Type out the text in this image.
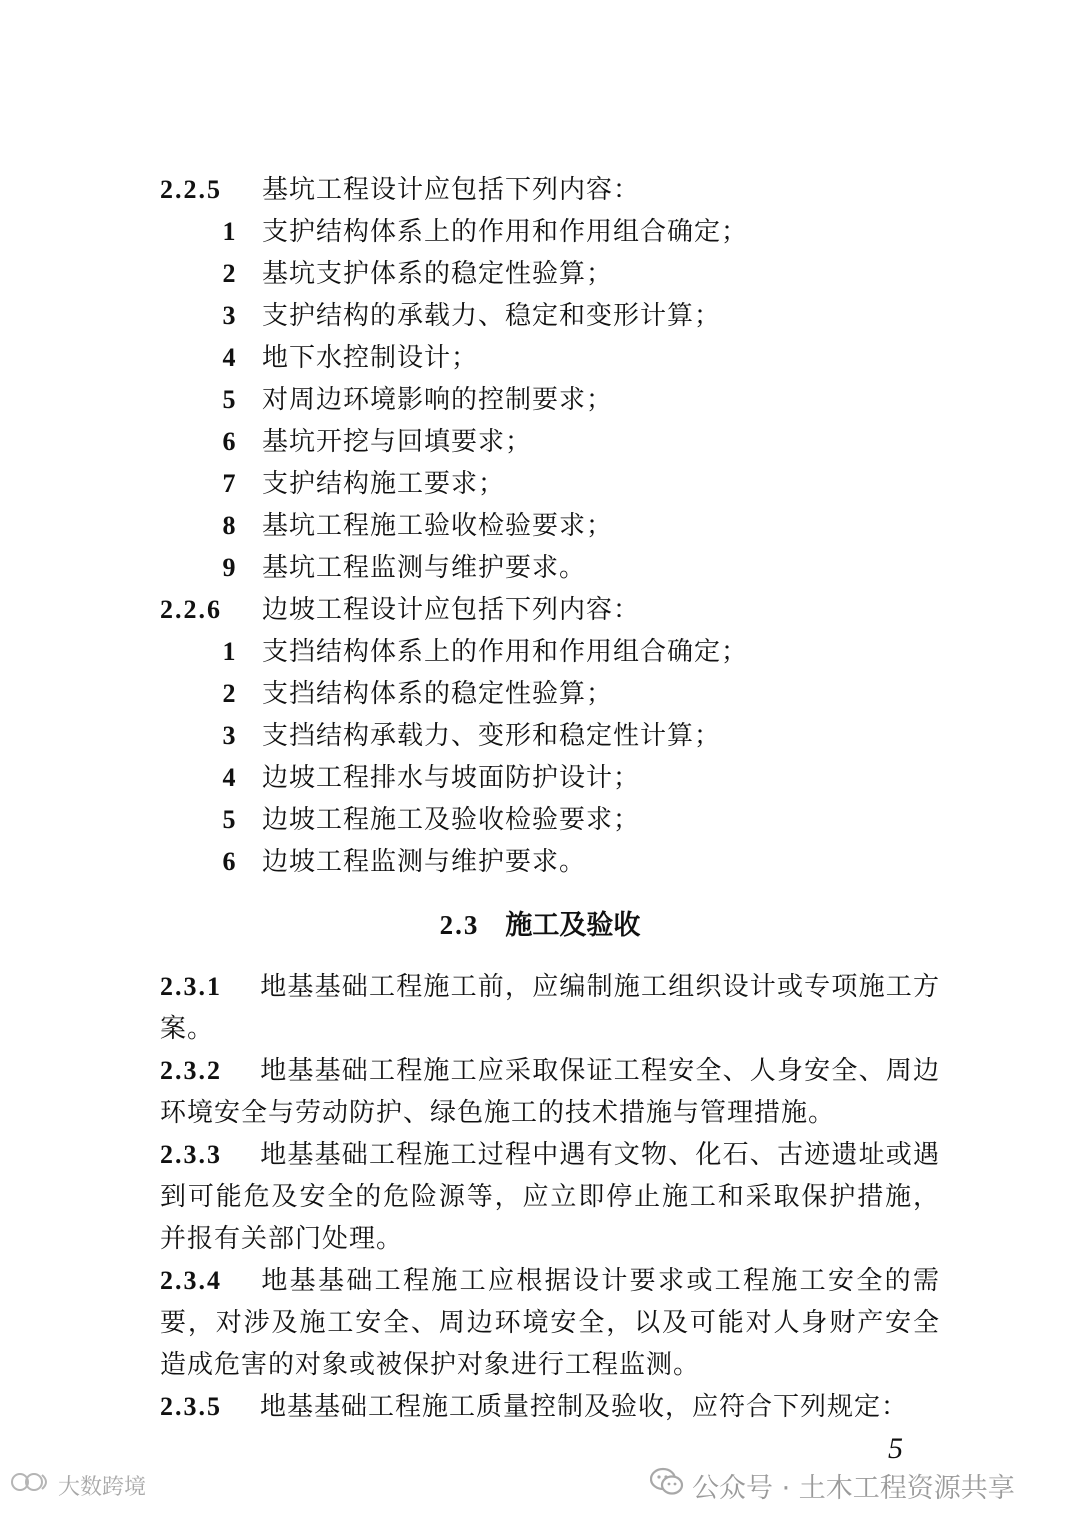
2.2.5 基坑工程设计应包括下列内容：
1 支护结构体系上的作用和作用组合确定；
2 基坑支护体系的稳定性验算；
3 支护结构的承载力、稳定和变形计算；
4 地下水控制设计；
5 对周边环境影响的控制要求；
6 基坑开挖与回填要求；
7 支护结构施工要求；
8 基坑工程施工验收检验要求；
9 基坑工程监测与维护要求。
2.2.6 边坡工程设计应包括下列内容：
1 支挡结构体系上的作用和作用组合确定；
2 支挡结构体系的稳定性验算；
3 支挡结构承载力、变形和稳定性计算；
4 边坡工程排水与坡面防护设计；
5 边坡工程施工及验收检验要求；
6 边坡工程监测与维护要求。
2.3 施工及验收
2.3.1 地基基础工程施工前，应编制施工组织设计或专项施工方案。
2.3.2 地基基础工程施工应采取保证工程安全、人身安全、周边环境安全与劳动防护、绿色施工的技术措施与管理措施。
2.3.3 地基基础工程施工过程中遇有文物、化石、古迹遗址或遇到可能危及安全的危险源等，应立即停止施工和采取保护措施，并报有关部门处理。
2.3.4 地基基础工程施工应根据设计要求或工程施工安全的需要，对涉及施工安全、周边环境安全，以及可能对人身财产安全造成危害的对象或被保护对象进行工程监测。
2.3.5 地基基础工程施工质量控制及验收，应符合下列规定：
5
公众号 · 土木工程资源共享
大数跨境
